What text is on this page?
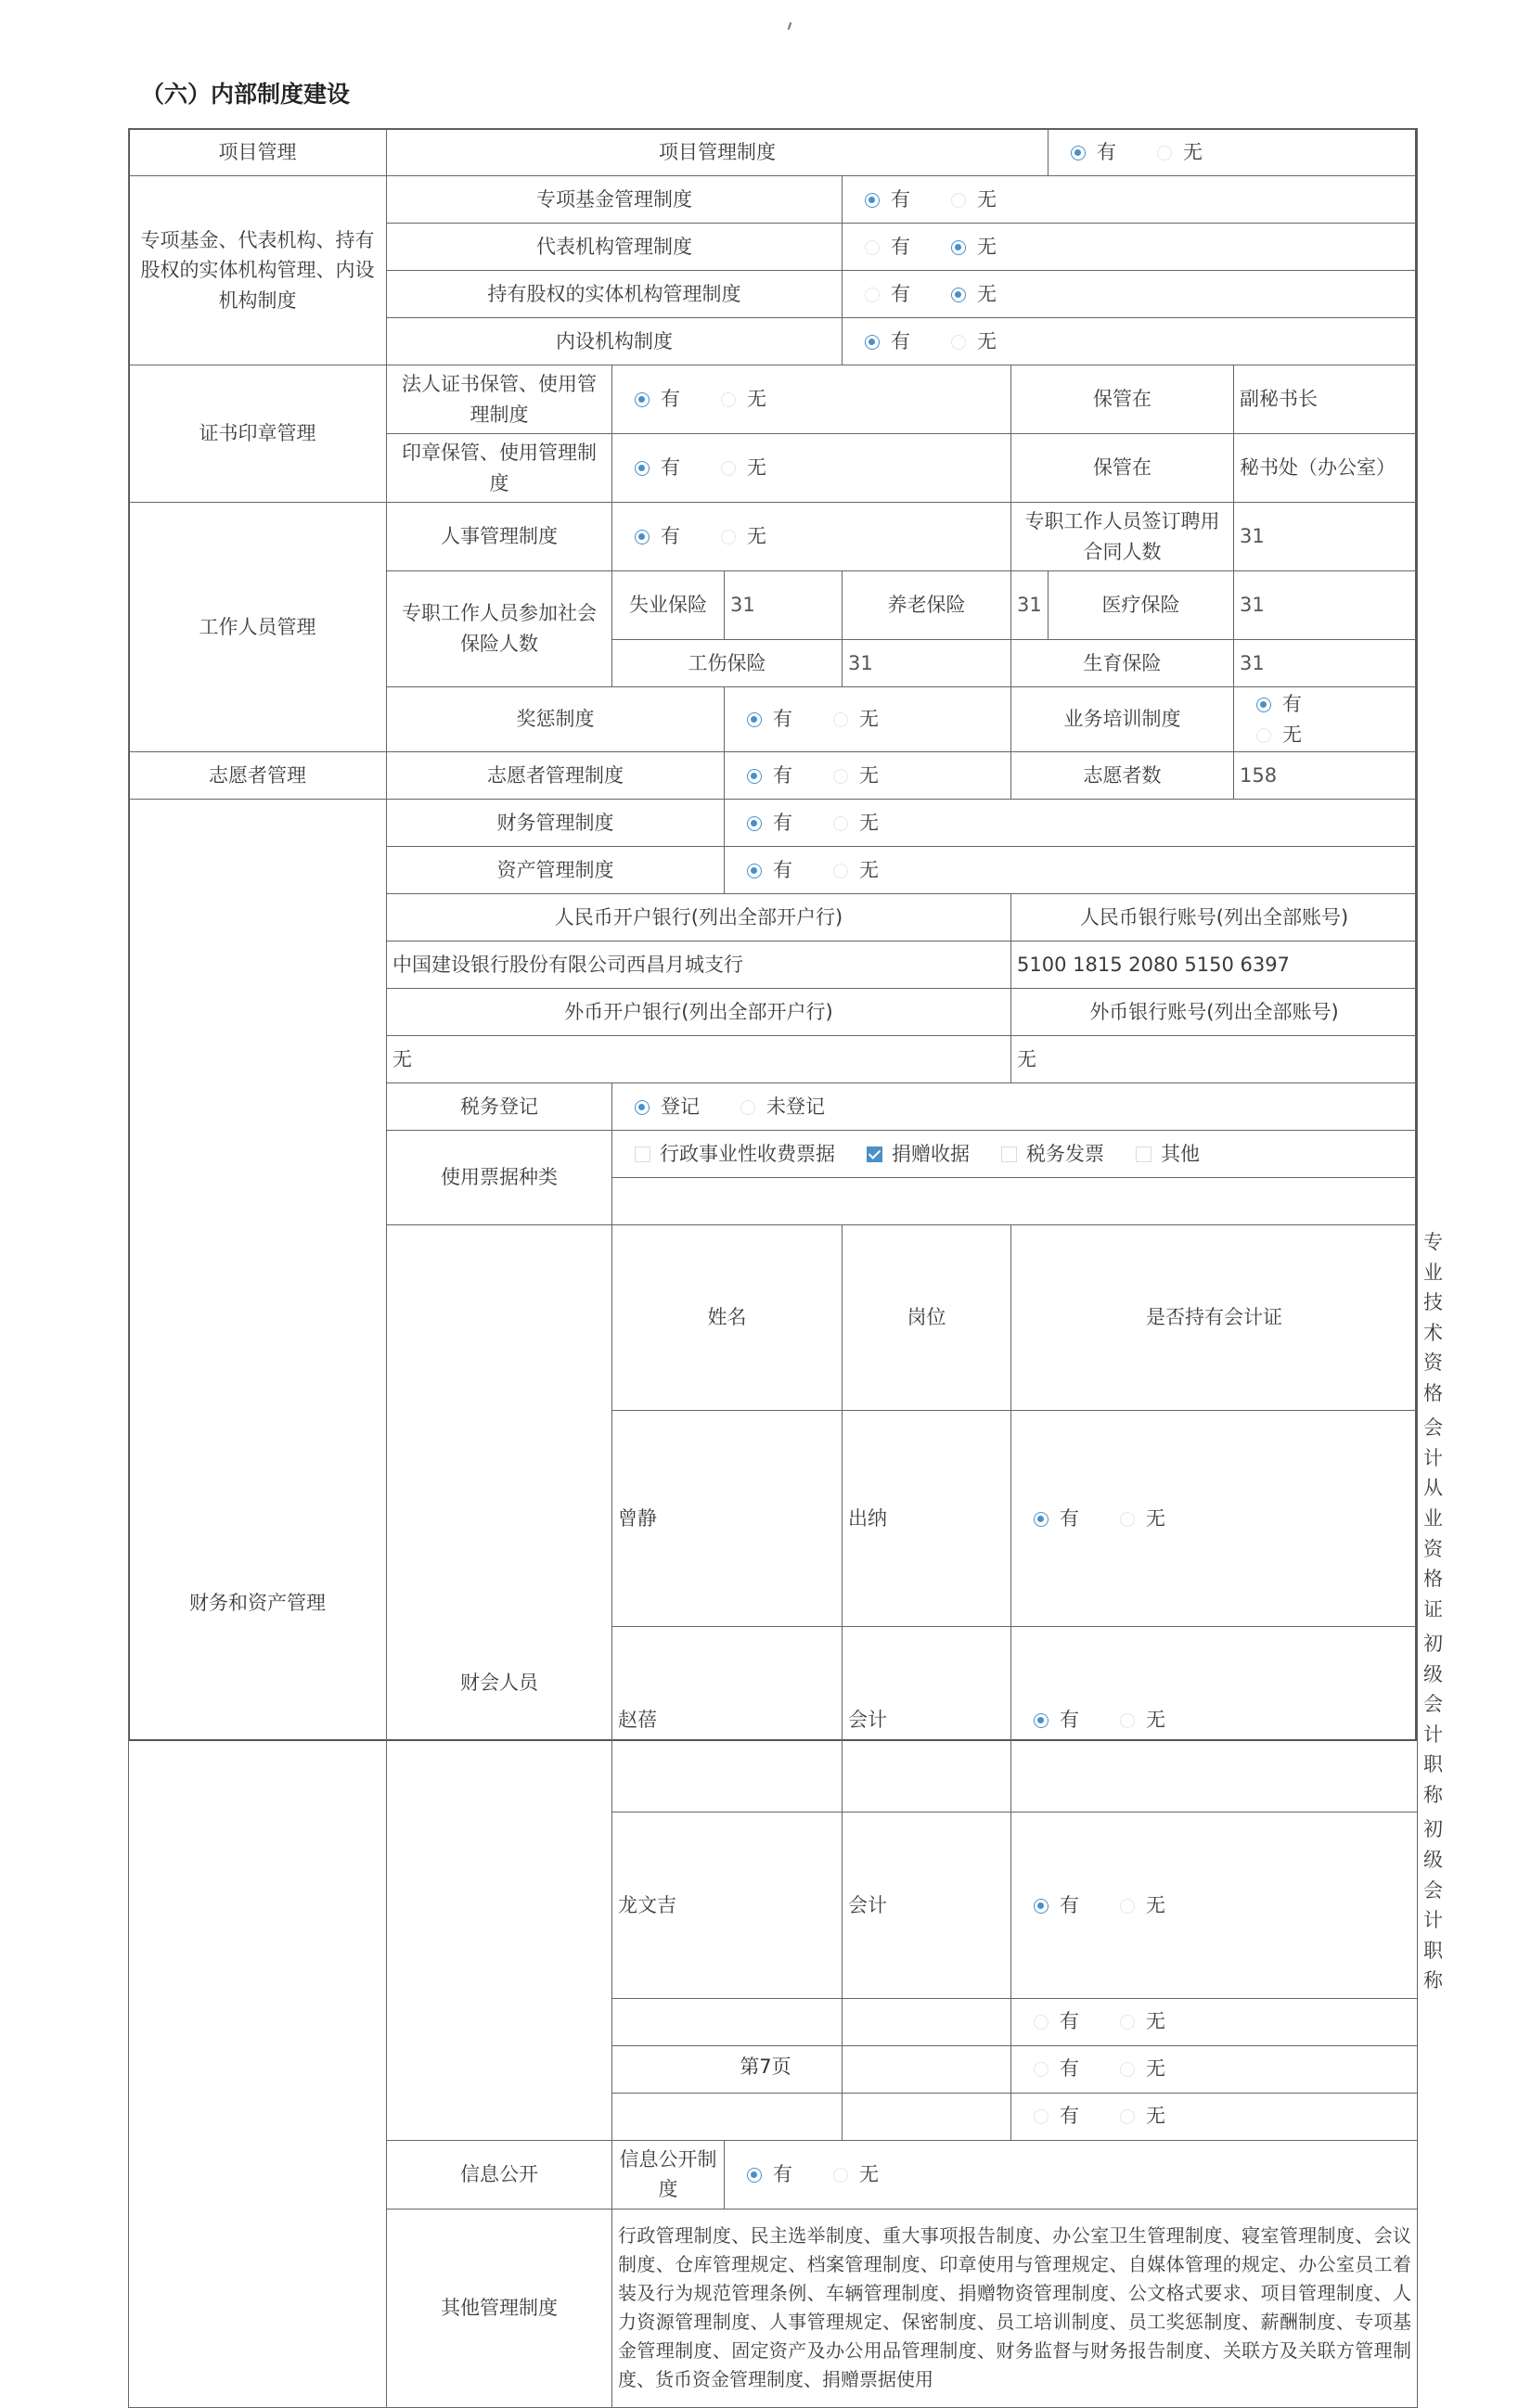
（六）内部制度建设
项目管理	项目管理制度					有 无		

专项基金、代表机构、持有股权的实体机构管理、内设机构制度	专项基金管理制度			有 无				

	代表机构管理制度			有 无				

	持有股权的实体机构管理制度			有 无				

	内设机构制度			有 无				

证书印章管理	法人证书保管、使用管理制度	有 无			保管在		副秘书长	
	印章保管、使用管理制度	有 无			保管在		秘书处（办公室）	
工作人员管理	人事管理制度	有 无			专职工作人员签订聘用合同人数		31	
	专职工作人员参加社会保险人数	失业保险	31	养老保险	31	医疗保险	31	
		工伤保险		31	生育保险		31	
	奖惩制度		有 无		业务培训制度		有无	

志愿者管理	志愿者管理制度		有 无		志愿者数		158	
财务和资产管理	财务管理制度		有 无					

	资产管理制度		有 无					

	人民币开户银行(列出全部开户行)				人民币银行账号(列出全部账号)			
	中国建设银行股份有限公司西昌月城支行				5100 1815 2080 5150 6397			
	外币开户银行(列出全部开户行)				外币银行账号(列出全部账号)			
	无				无			
	税务登记	登记 未登记						

	使用票据种类	行政事业性收费票据 捐赠收据 税务发票 其他						

	财会人员	姓名		岗位	是否持有会计证			专业技术资格
		曾静		出纳	有 无			会计从业资格证
		赵蓓		会计	有 无			初级会计职称
		龙文吉		会计	有 无			初级会计职称

					有 无			

					有 无			

					有 无			

	信息公开	信息公开制度	有 无					

	其他管理制度	行政管理制度、民主选举制度、重大事项报告制度、办公室卫生管理制度、寝室管理制度、会议制度、仓库管理规定、档案管理制度、印章使用与管理规定、自媒体管理的规定、办公室员工着装及行为规范管理条例、车辆管理制度、捐赠物资管理制度、公文格式要求、项目管理制度、人力资源管理制度、人事管理规定、保密制度、员工培训制度、员工奖惩制度、薪酬制度、专项基金管理制度、固定资产及办公用品管理制度、财务监督与财务报告制度、关联方及关联方管理制度、货币资金管理制度、捐赠票据使用						
第7页
